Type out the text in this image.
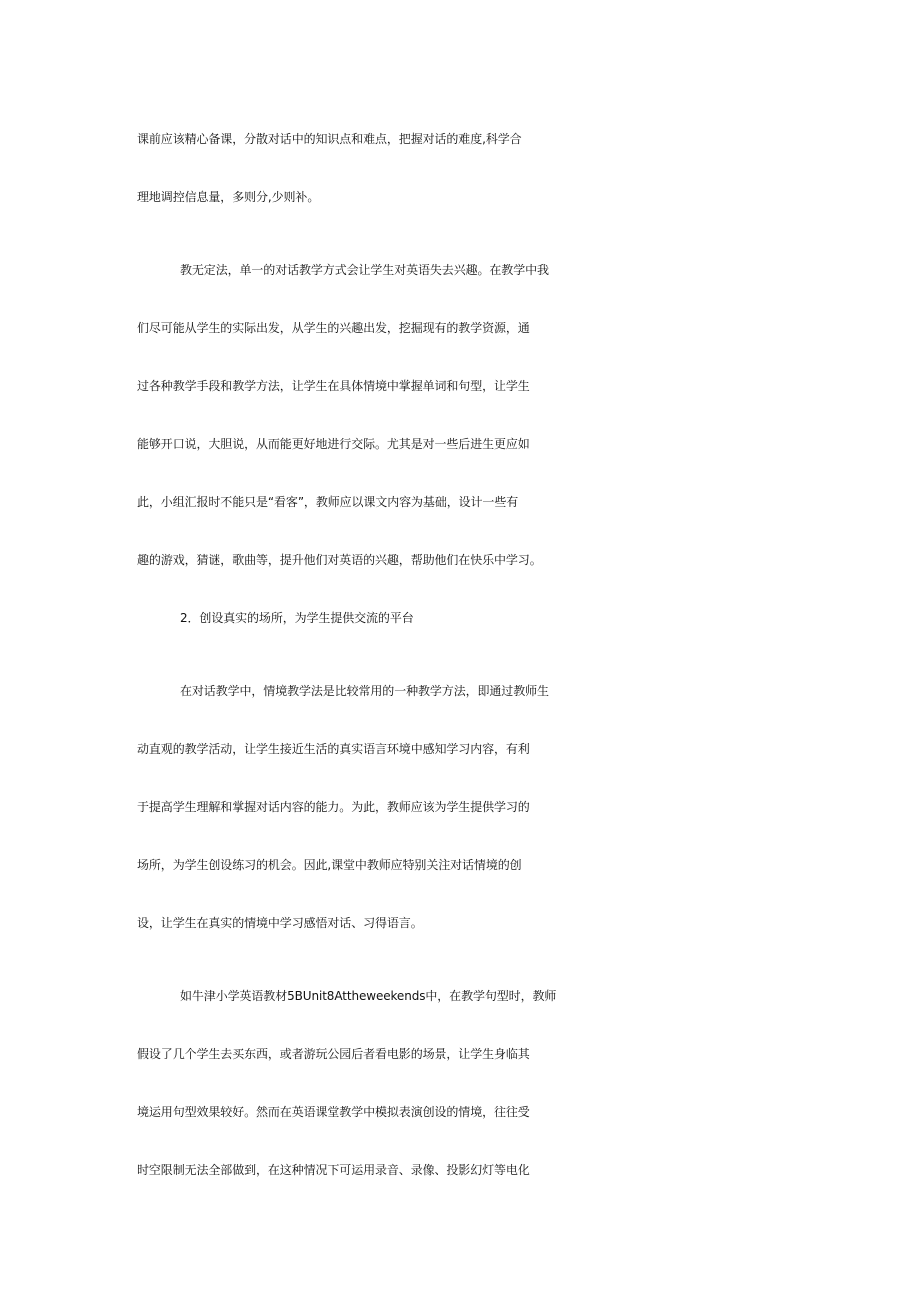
课前应该精心备课，分散对话中的知识点和难点，把握对话的难度,科学合
理地调控信息量，多则分,少则补。
教无定法，单一的对话教学方式会让学生对英语失去兴趣。在教学中我
们尽可能从学生的实际出发，从学生的兴趣出发，挖掘现有的教学资源，通
过各种教学手段和教学方法，让学生在具体情境中掌握单词和句型，让学生
能够开口说，大胆说，从而能更好地进行交际。尤其是对一些后进生更应如
此，小组汇报时不能只是“看客”，教师应以课文内容为基础，设计一些有
趣的游戏，猜谜，歌曲等，提升他们对英语的兴趣，帮助他们在快乐中学习。
2．创设真实的场所，为学生提供交流的平台
在对话教学中，情境教学法是比较常用的一种教学方法，即通过教师生
动直观的教学活动，让学生接近生活的真实语言环境中感知学习内容，有利
于提高学生理解和掌握对话内容的能力。为此，教师应该为学生提供学习的
场所，为学生创设练习的机会。因此,课堂中教师应特别关注对话情境的创
设，让学生在真实的情境中学习感悟对话、习得语言。
如牛津小学英语教材5BUnit8Attheweekends中，在教学句型时，教师
假设了几个学生去买东西，或者游玩公园后者看电影的场景，让学生身临其
境运用句型效果较好。然而在英语课堂教学中模拟表演创设的情境，往往受
时空限制无法全部做到，在这种情况下可运用录音、录像、投影幻灯等电化
